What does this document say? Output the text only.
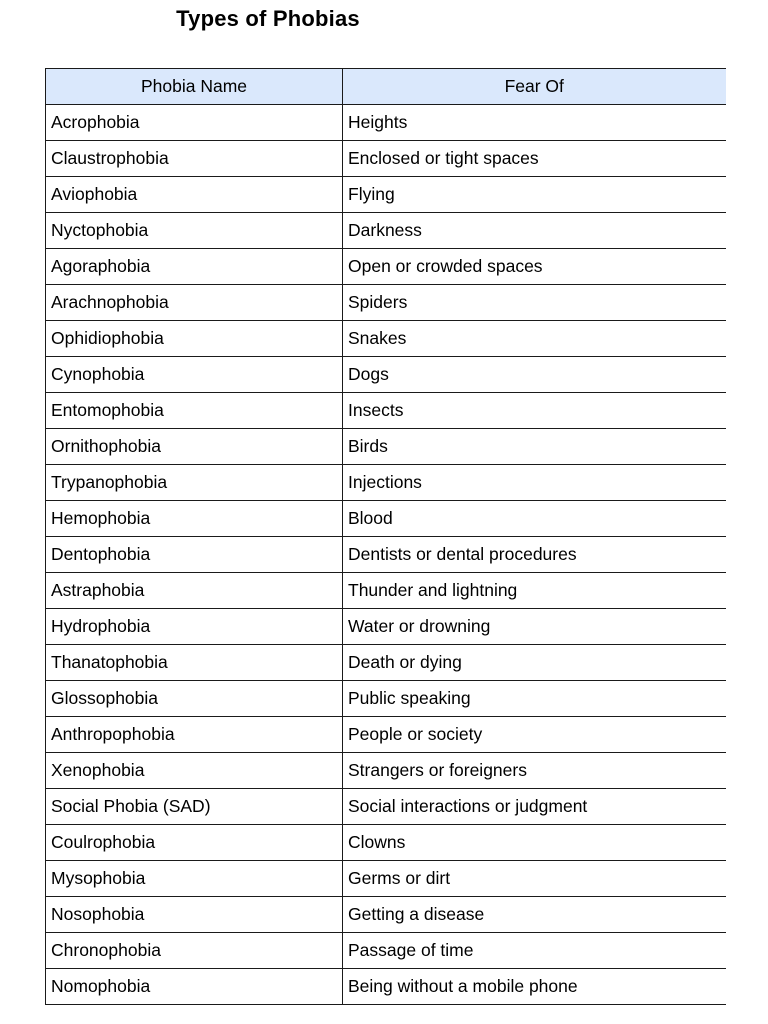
Types of Phobias
Phobia Name	Fear Of
Acrophobia	Heights
Claustrophobia	Enclosed or tight spaces
Aviophobia	Flying
Nyctophobia	Darkness
Agoraphobia	Open or crowded spaces
Arachnophobia	Spiders
Ophidiophobia	Snakes
Cynophobia	Dogs
Entomophobia	Insects
Ornithophobia	Birds
Trypanophobia	Injections
Hemophobia	Blood
Dentophobia	Dentists or dental procedures
Astraphobia	Thunder and lightning
Hydrophobia	Water or drowning
Thanatophobia	Death or dying
Glossophobia	Public speaking
Anthropophobia	People or society
Xenophobia	Strangers or foreigners
Social Phobia (SAD)	Social interactions or judgment
Coulrophobia	Clowns
Mysophobia	Germs or dirt
Nosophobia	Getting a disease
Chronophobia	Passage of time
Nomophobia	Being without a mobile phone
